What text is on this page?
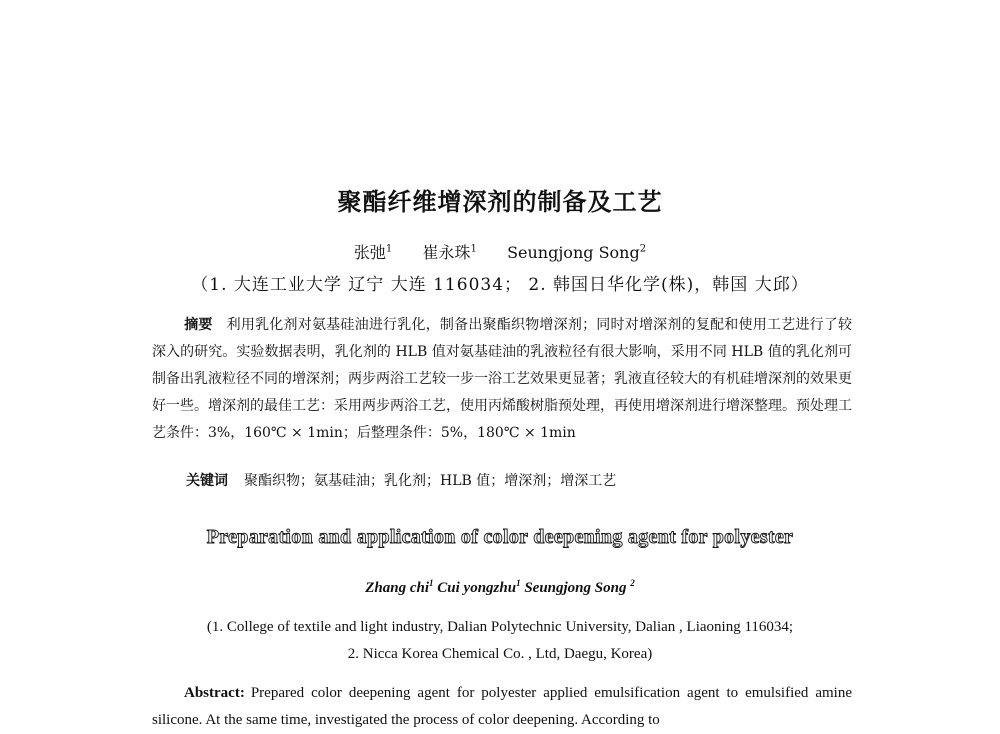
聚酯纤维增深剂的制备及工艺
张弛$^1$ 崔永珠$^1$ Seungjong Song$^2$
（1. 大连工业大学 辽宁 大连 116034； 2. 韩国日华化学(株)，韩国 大邱）
摘要 利用乳化剂对氨基硅油进行乳化，制备出聚酯织物增深剂；同时对增深剂的复配和使用工艺进行了较深入的研究。实验数据表明，乳化剂的 HLB 值对氨基硅油的乳液粒径有很大影响，采用不同 HLB 值的乳化剂可制备出乳液粒径不同的增深剂；两步两浴工艺较一步一浴工艺效果更显著；乳液直径较大的有机硅增深剂的效果更好一些。增深剂的最佳工艺：采用两步两浴工艺，使用丙烯酸树脂预处理，再使用增深剂进行增深整理。预处理工艺条件：3%，160℃ × 1min；后整理条件：5%，180℃ × 1min
关键词 聚酯织物；氨基硅油；乳化剂；HLB 值；增深剂；增深工艺
Preparation and application of color deepening agent for polyester
Zhang chi$^1$ Cui yongzhu$^1$ Seungjong Song $^2$
(1. College of textile and light industry, Dalian Polytechnic University, Dalian , Liaoning 116034;
2. Nicca Korea Chemical Co. , Ltd, Daegu, Korea)
Abstract: Prepared color deepening agent for polyester applied emulsification agent to emulsified amine silicone. At the same time, investigated the process of color deepening. According to
